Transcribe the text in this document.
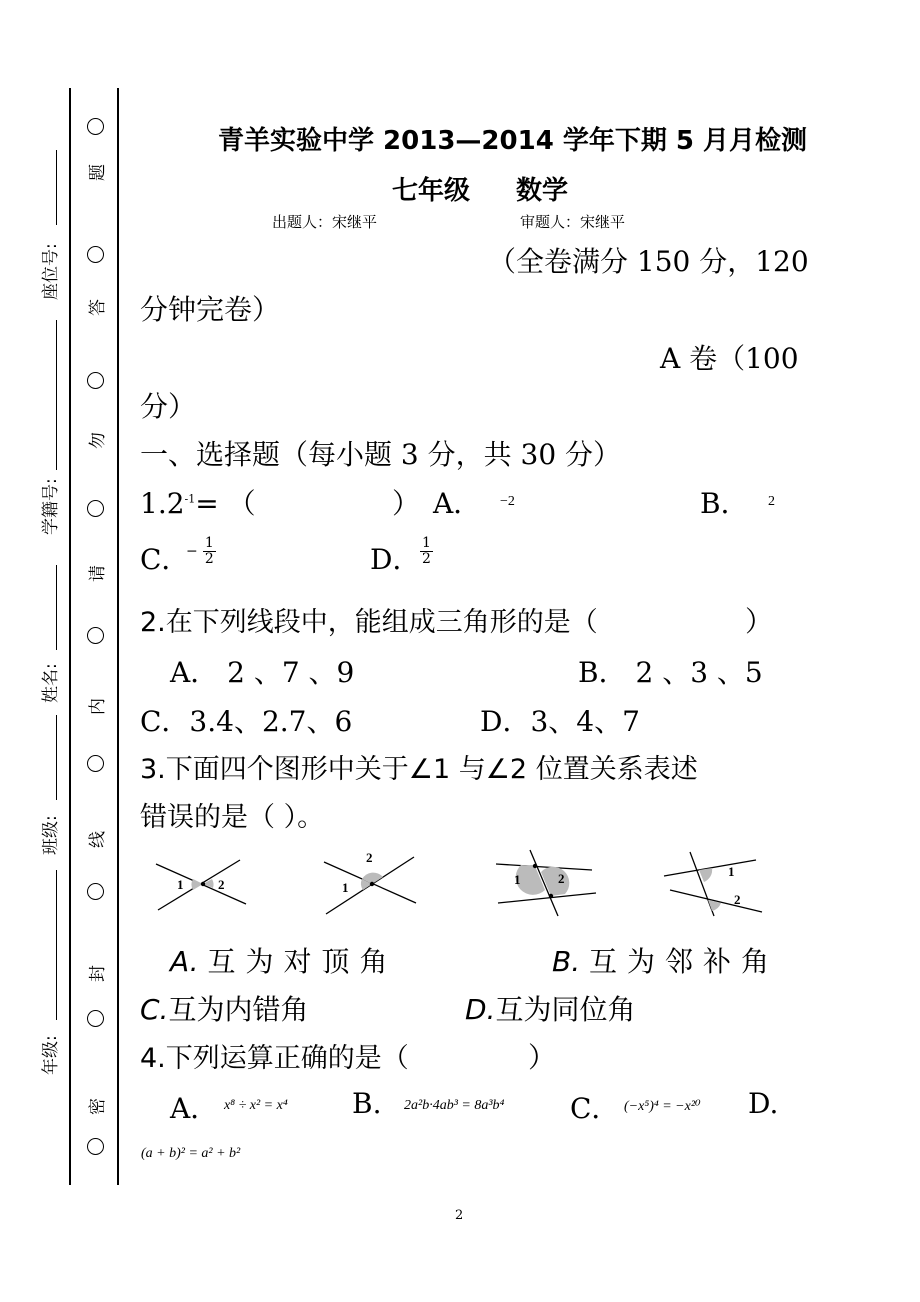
题
答
勿
请
内
线
封
密
座位号:
学籍号:
姓名:
班级:
年级:
青羊实验中学 2013—2014 学年下期 5 月月检测
七年级 数学
出题人：宋继平	审题人：宋继平
（全卷满分 150 分，120
分钟完卷）
A 卷（100
分）
一、选择题（每小题 3 分，共 30 分）
$1.2^{-1}=$ （	） A． −2	B． 2
C．
− $\frac{1}{2}$	D． $\frac{1}{2}$
2.在下列线段中，能组成三角形的是（	）
A． 2 、7 、9	B． 2 、3 、5
C．3.4、2.7、6	D．3、4、7
3.下面四个图形中关于∠1 与∠2 位置关系表述
错误的是（ ）。
1	2
2
1
1	2	1
2
A. 互为对顶角	B. 互为邻补角
C.互为内错角	D.互为同位角
4.下列运算正确的是（	）
A． x⁸ ÷ x² = x⁴ B. 2a²b·4ab³ = 8a³b⁴ C． (−x⁵)⁴ = −x²⁰ D.
(a + b)² = a² + b²
2
